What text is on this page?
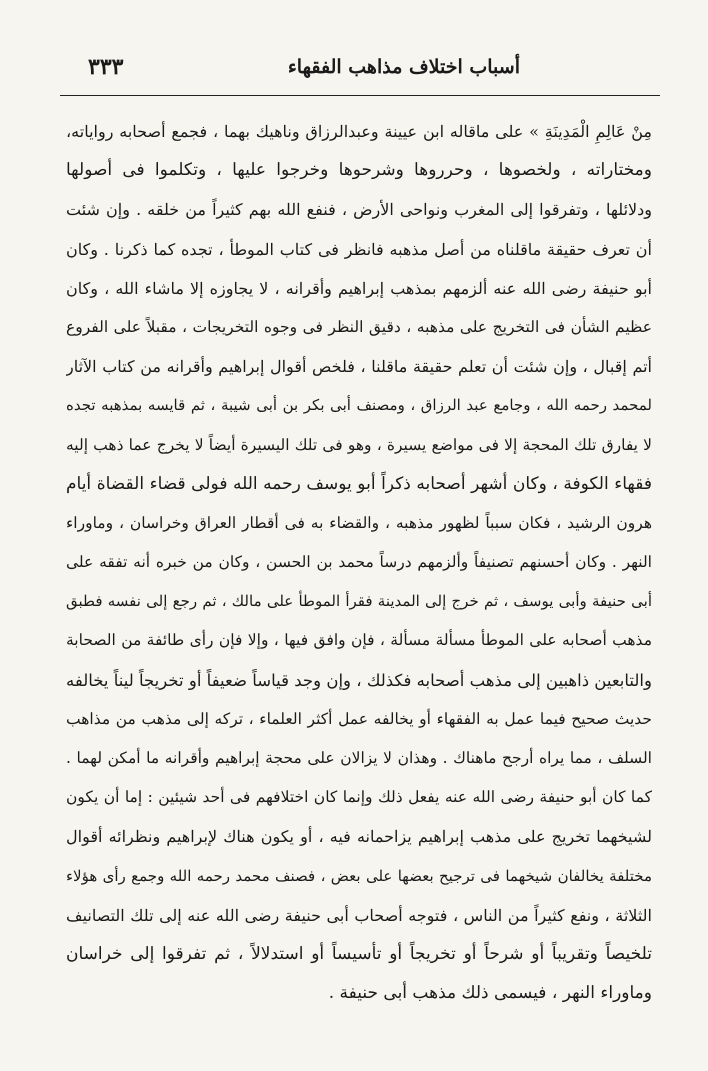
أسباب اختلاف مذاهب الفقهاء
٣٣٣
مِنْ عَالِمِ الْمَدِينَةِ » على ماقاله ابن عيينة وعبدالرزاق وناهيك بهما ، فجمع أصحابه رواياته،
ومختاراته ، ولخصوها ، وحرروها وشرحوها وخرجوا عليها ، وتكلموا فى أصولها
ودلائلها ، وتفرقوا إلى المغرب ونواحى الأرض ، فنفع الله بهم كثيراً من خلقه . وإن شئت
أن تعرف حقيقة ماقلناه من أصل مذهبه فانظر فى كتاب الموطأ ، تجده كما ذكرنا . وكان
أبو حنيفة رضى الله عنه ألزمهم بمذهب إبراهيم وأقرانه ، لا يجاوزه إلا ماشاء الله ، وكان
عظيم الشأن فى التخريج على مذهبه ، دقيق النظر فى وجوه التخريجات ، مقبلاً على الفروع
أتم إقبال ، وإن شئت أن تعلم حقيقة ماقلنا ، فلخص أقوال إبراهيم وأقرانه من كتاب الآثار
لمحمد رحمه الله ، وجامع عبد الرزاق ، ومصنف أبى بكر بن أبى شيبة ، ثم قايسه بمذهبه تجده
لا يفارق تلك المحجة إلا فى مواضع يسيرة ، وهو فى تلك اليسيرة أيضاً لا يخرج عما ذهب إليه
فقهاء الكوفة ، وكان أشهر أصحابه ذكراً أبو يوسف رحمه الله فولى قضاء القضاة أيام
هرون الرشيد ، فكان سبباً لظهور مذهبه ، والقضاء به فى أقطار العراق وخراسان ، وماوراء
النهر . وكان أحسنهم تصنيفاً وألزمهم درساً محمد بن الحسن ، وكان من خبره أنه تفقه على
أبى حنيفة وأبى يوسف ، ثم خرج إلى المدينة فقرأ الموطأ على مالك ، ثم رجع إلى نفسه فطبق
مذهب أصحابه على الموطأ مسألة مسألة ، فإن وافق فيها ، وإلا فإن رأى طائفة من الصحابة
والتابعين ذاهبين إلى مذهب أصحابه فكذلك ، وإن وجد قياساً ضعيفاً أو تخريجاً ليناً يخالفه
حديث صحيح فيما عمل به الفقهاء أو يخالفه عمل أكثر العلماء ، تركه إلى مذهب من مذاهب
السلف ، مما يراه أرجح ماهناك . وهذان لا يزالان على محجة إبراهيم وأقرانه ما أمكن لهما .
كما كان أبو حنيفة رضى الله عنه يفعل ذلك وإنما كان اختلافهم فى أحد شيئين : إما أن يكون
لشيخهما تخريج على مذهب إبراهيم يزاحمانه فيه ، أو يكون هناك لإبراهيم ونظرائه أقوال
مختلفة يخالفان شيخهما فى ترجيح بعضها على بعض ، فصنف محمد رحمه الله وجمع رأى هؤلاء
الثلاثة ، ونفع كثيراً من الناس ، فتوجه أصحاب أبى حنيفة رضى الله عنه إلى تلك التصانيف
تلخيصاً وتقريباً أو شرحاً أو تخريجاً أو تأسيساً أو استدلالاً ، ثم تفرقوا إلى خراسان
وماوراء النهر ، فيسمى ذلك مذهب أبى حنيفة .
